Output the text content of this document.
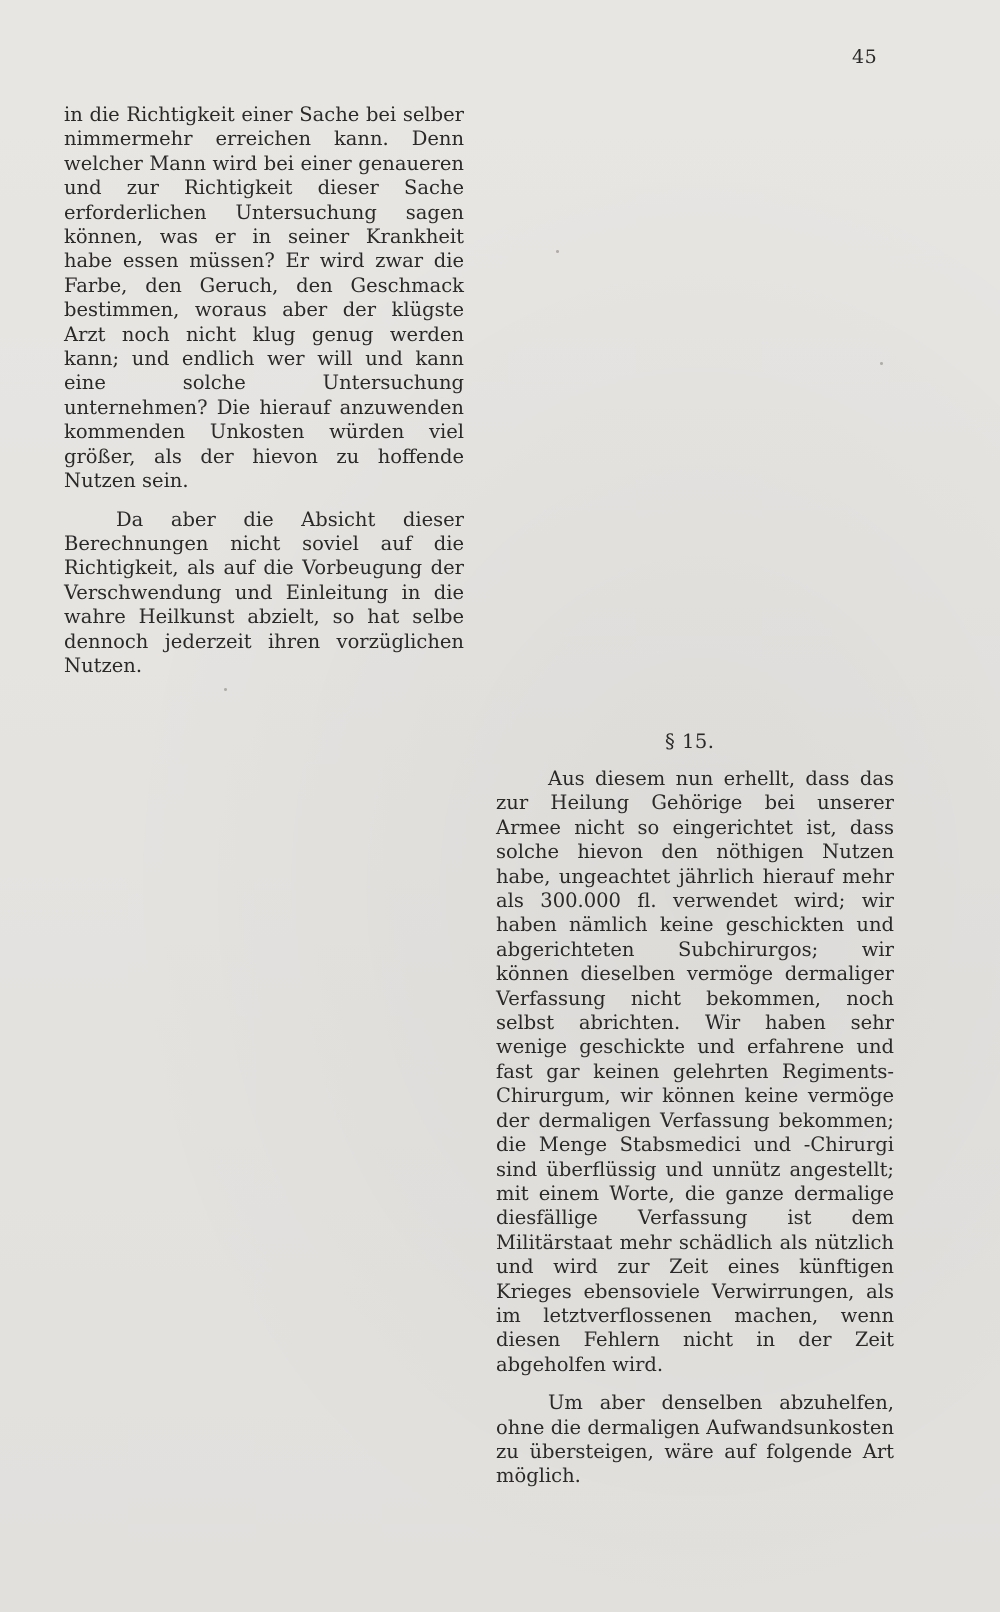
45

in die Richtigkeit einer Sache bei selber nimmermehr erreichen kann. Denn welcher Mann wird bei einer genaueren und zur Richtigkeit dieser Sache erforderlichen Untersuchung sagen können, was er in seiner Krankheit habe essen müssen? Er wird zwar die Farbe, den Geruch, den Geschmack bestimmen, woraus aber der klügste Arzt noch nicht klug genug werden kann; und endlich wer will und kann eine solche Untersuchung unternehmen? Die hierauf anzuwenden kommenden Unkosten würden viel größer, als der hievon zu hoffende Nutzen sein.

Da aber die Absicht dieser Berechnungen nicht soviel auf die Richtigkeit, als auf die Vorbeugung der Verschwendung und Einleitung in die wahre Heilkunst abzielt, so hat selbe dennoch jederzeit ihren vorzüglichen Nutzen.

§ 15.

Aus diesem nun erhellt, dass das zur Heilung Gehörige bei unserer Armee nicht so eingerichtet ist, dass solche hievon den nöthigen Nutzen habe, ungeachtet jährlich hierauf mehr als 300.000 fl. verwendet wird; wir haben nämlich keine geschickten und abgerichteten Subchirurgos; wir können dieselben vermöge dermaliger Verfassung nicht bekommen, noch selbst abrichten. Wir haben sehr wenige geschickte und erfahrene und fast gar keinen gelehrten Regiments-Chirurgum, wir können keine vermöge der dermaligen Verfassung bekommen; die Menge Stabsmedici und -Chirurgi sind überflüssig und unnütz angestellt; mit einem Worte, die ganze dermalige diesfällige Verfassung ist dem Militärstaat mehr schädlich als nützlich und wird zur Zeit eines künftigen Krieges ebensoviele Verwirrungen, als im letztverflossenen machen, wenn diesen Fehlern nicht in der Zeit abgeholfen wird.

Um aber denselben abzuhelfen, ohne die dermaligen Aufwandsunkosten zu übersteigen, wäre auf folgende Art möglich.
